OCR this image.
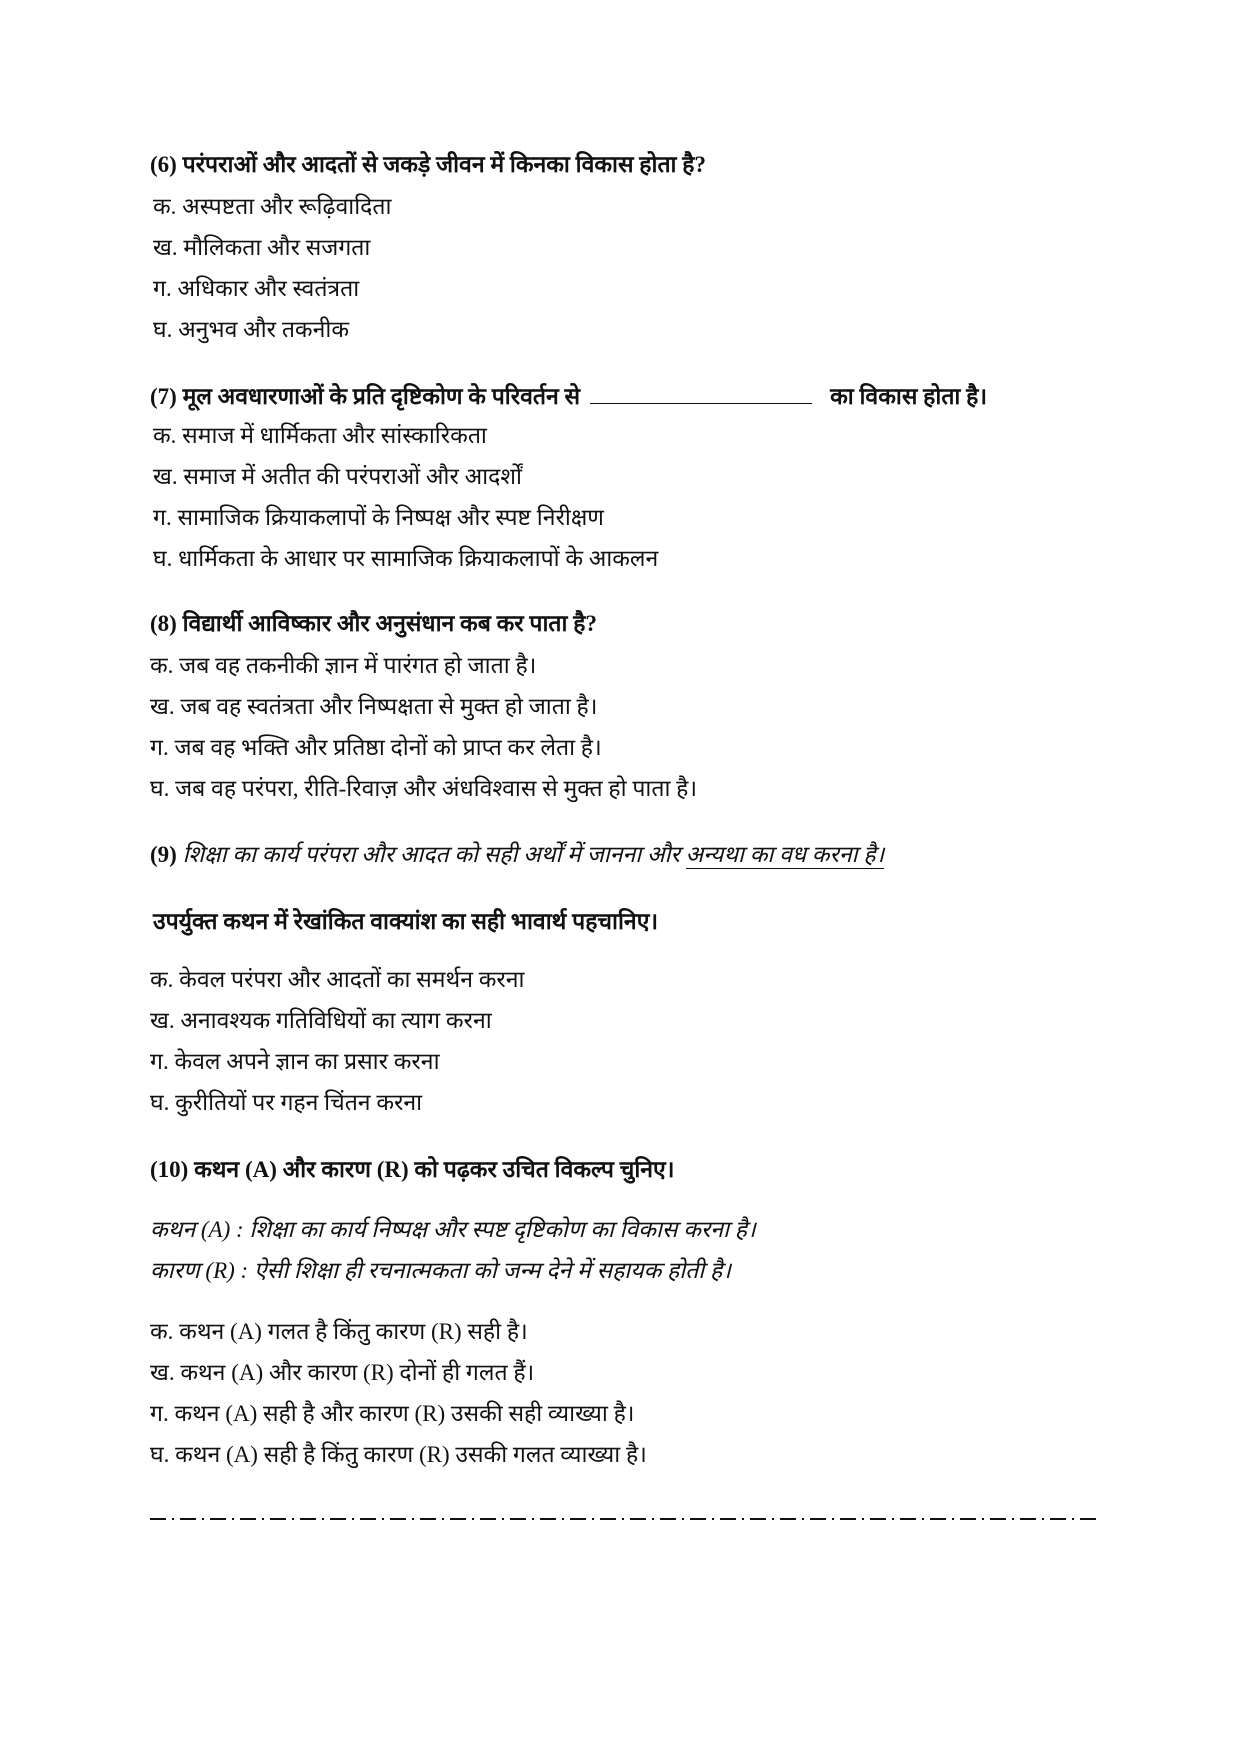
(6) परंपराओं और आदतों से जकड़े जीवन में किनका विकास होता है?
क. अस्पष्टता और रूढ़िवादिता
ख. मौलिकता और सजगता
ग. अधिकार और स्वतंत्रता
घ. अनुभव और तकनीक
(7) मूल अवधारणाओं के प्रति दृष्टिकोण के परिवर्तन से	का विकास होता है।
क. समाज में धार्मिकता और सांस्कारिकता
ख. समाज में अतीत की परंपराओं और आदर्शों
ग. सामाजिक क्रियाकलापों के निष्पक्ष और स्पष्ट निरीक्षण
घ. धार्मिकता के आधार पर सामाजिक क्रियाकलापों के आकलन
(8) विद्यार्थी आविष्कार और अनुसंधान कब कर पाता है?
क. जब वह तकनीकी ज्ञान में पारंगत हो जाता है।
ख. जब वह स्वतंत्रता और निष्पक्षता से मुक्त हो जाता है।
ग. जब वह भक्ति और प्रतिष्ठा दोनों को प्राप्त कर लेता है।
घ. जब वह परंपरा, रीति-रिवाज़ और अंधविश्वास से मुक्त हो पाता है।
(9) शिक्षा का कार्य परंपरा और आदत को सही अर्थों में जानना और अन्यथा का वध करना है।
उपर्युक्त कथन में रेखांकित वाक्यांश का सही भावार्थ पहचानिए।
क. केवल परंपरा और आदतों का समर्थन करना
ख. अनावश्यक गतिविधियों का त्याग करना
ग. केवल अपने ज्ञान का प्रसार करना
घ. कुरीतियों पर गहन चिंतन करना
(10) कथन (A) और कारण (R) को पढ़कर उचित विकल्प चुनिए।
कथन (A) : शिक्षा का कार्य निष्पक्ष और स्पष्ट दृष्टिकोण का विकास करना है।
कारण (R) : ऐसी शिक्षा ही रचनात्मकता को जन्म देने में सहायक होती है।
क. कथन (A) गलत है किंतु कारण (R) सही है।
ख. कथन (A) और कारण (R) दोनों ही गलत हैं।
ग. कथन (A) सही है और कारण (R) उसकी सही व्याख्या है।
घ. कथन (A) सही है किंतु कारण (R) उसकी गलत व्याख्या है।
